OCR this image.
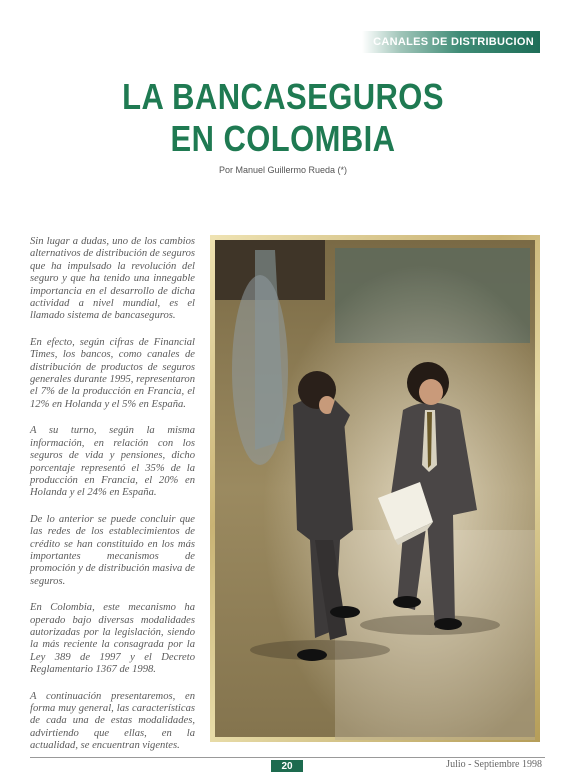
CANALES DE DISTRIBUCION
LA BANCASEGUROS
EN COLOMBIA
Por Manuel Guillermo Rueda (*)

Sin lugar a dudas, uno de los cambios alternativos de distribución de seguros que ha impulsado la revolución del seguro y que ha tenido una innegable importancia en el desarrollo de dicha actividad a nivel mundial, es el llamado sistema de bancaseguros.

En efecto, según cifras de Financial Times, los bancos, como canales de distribución de productos de seguros generales durante 1995, representaron el 7% de la producción en Francia, el 12% en Holanda y el 5% en España.

A su turno, según la misma información, en relación con los seguros de vida y pensiones, dicho porcentaje representó el 35% de la producción en Francia, el 20% en Holanda y el 24% en España.

De lo anterior se puede concluir que las redes de los establecimientos de crédito se han constituido en los más importantes mecanismos de promoción y de distribución masiva de seguros.

En Colombia, este mecanismo ha operado bajo diversas modalidades autorizadas por la legislación, siendo la más reciente la consagrada por la Ley 389 de 1997 y el Decreto Reglamentario 1367 de 1998.

A continuación presentaremos, en forma muy general, las características de cada una de estas modalidades, advirtiendo que ellas, en la actualidad, se encuentran vigentes.

20	Julio - Septiembre 1998
